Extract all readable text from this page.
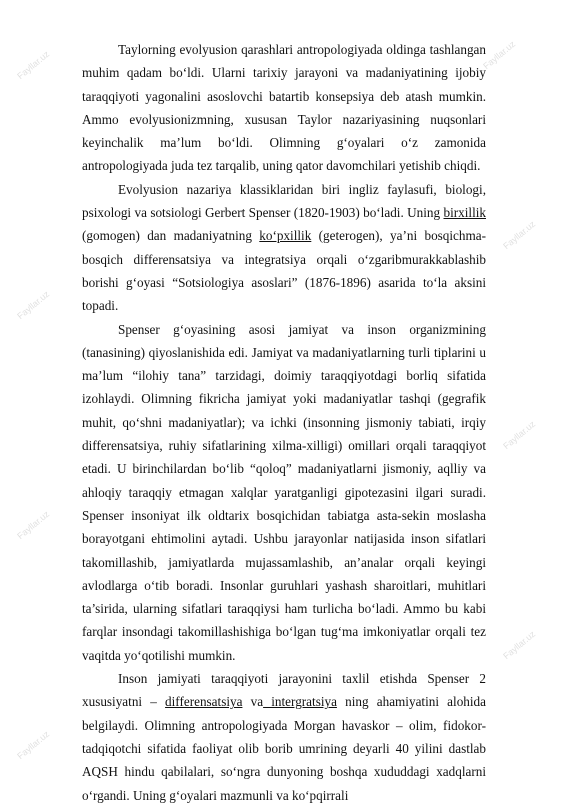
Taylorning evolyusion qarashlari antropologiyada oldinga tashlangan muhim qadam bo‘ldi. Ularni tarixiy jarayoni va madaniyatining ijobiy taraqqiyoti yagonalini asoslovchi batartib konsepsiya deb atash mumkin. Ammo evolyusionizmning, xususan Taylor nazariyasining nuqsonlari keyinchalik ma’lum bo‘ldi. Olimning g‘oyalari o‘z zamonida antropologiyada juda tez tarqalib, uning qator davomchilari yetishib chiqdi.

Evolyusion nazariya klassiklaridan biri ingliz faylasufi, biologi, psixologi va sotsiologi Gerbert Spenser (1820-1903) bo‘ladi. Uning birxillik (gomogen) dan madaniyatning ko‘pxillik (geterogen), ya’ni bosqichma-bosqich differensatsiya va integratsiya orqali o‘zgaribmurakkablashib borishi g‘oyasi “Sotsiologiya asoslari” (1876-1896) asarida to‘la aksini topadi.

Spenser g‘oyasining asosi jamiyat va inson organizmining (tanasining) qiyoslanishida edi. Jamiyat va madaniyatlarning turli tiplarini u ma’lum “ilohiy tana” tarzidagi, doimiy taraqqiyotdagi borliq sifatida izohlaydi. Olimning fikricha jamiyat yoki madaniyatlar tashqi (gegrafik muhit, qo‘shni madaniyatlar); va ichki (insonning jismoniy tabiati, irqiy differensatsiya, ruhiy sifatlarining xilma-xilligi) omillari orqali taraqqiyot etadi. U birinchilardan bo‘lib “qoloq” madaniyatlarni jismoniy, aqlliy va ahloqiy taraqqiy etmagan xalqlar yaratganligi gipotezasini ilgari suradi. Spenser insoniyat ilk oldtarix bosqichidan tabiatga asta-sekin moslasha borayotgani ehtimolini aytadi. Ushbu jarayonlar natijasida inson sifatlari takomillashib, jamiyatlarda mujassamlashib, an’analar orqali keyingi avlodlarga o‘tib boradi. Insonlar guruhlari yashash sharoitlari, muhitlari ta’sirida, ularning sifatlari taraqqiysi ham turlicha bo‘ladi. Ammo bu kabi farqlar insondagi takomillashishiga bo‘lgan tug‘ma imkoniyatlar orqali tez vaqitda yo‘qotilishi mumkin.

Inson jamiyati taraqqiyoti jarayonini taxlil etishda Spenser 2 xususiyatni – differensatsiya va intergratsiya ning ahamiyatini alohida belgilaydi. Olimning antropologiyada Morgan havaskor – olim, fidokor-tadqiqotchi sifatida faoliyat olib borib umrining deyarli 40 yilini dastlab AQSH hindu qabilalari, so‘ngra dunyoning boshqa xududdagi xadqlarni o‘rgandi. Uning g‘oyalari mazmunli va ko‘pqirrali

Fayllar.uz	Fayllar.uz
Fayllar.uz
Fayllar.uz
Fayllar.uz
Fayllar.uz
Fayllar.uz
Fayllar.uz
